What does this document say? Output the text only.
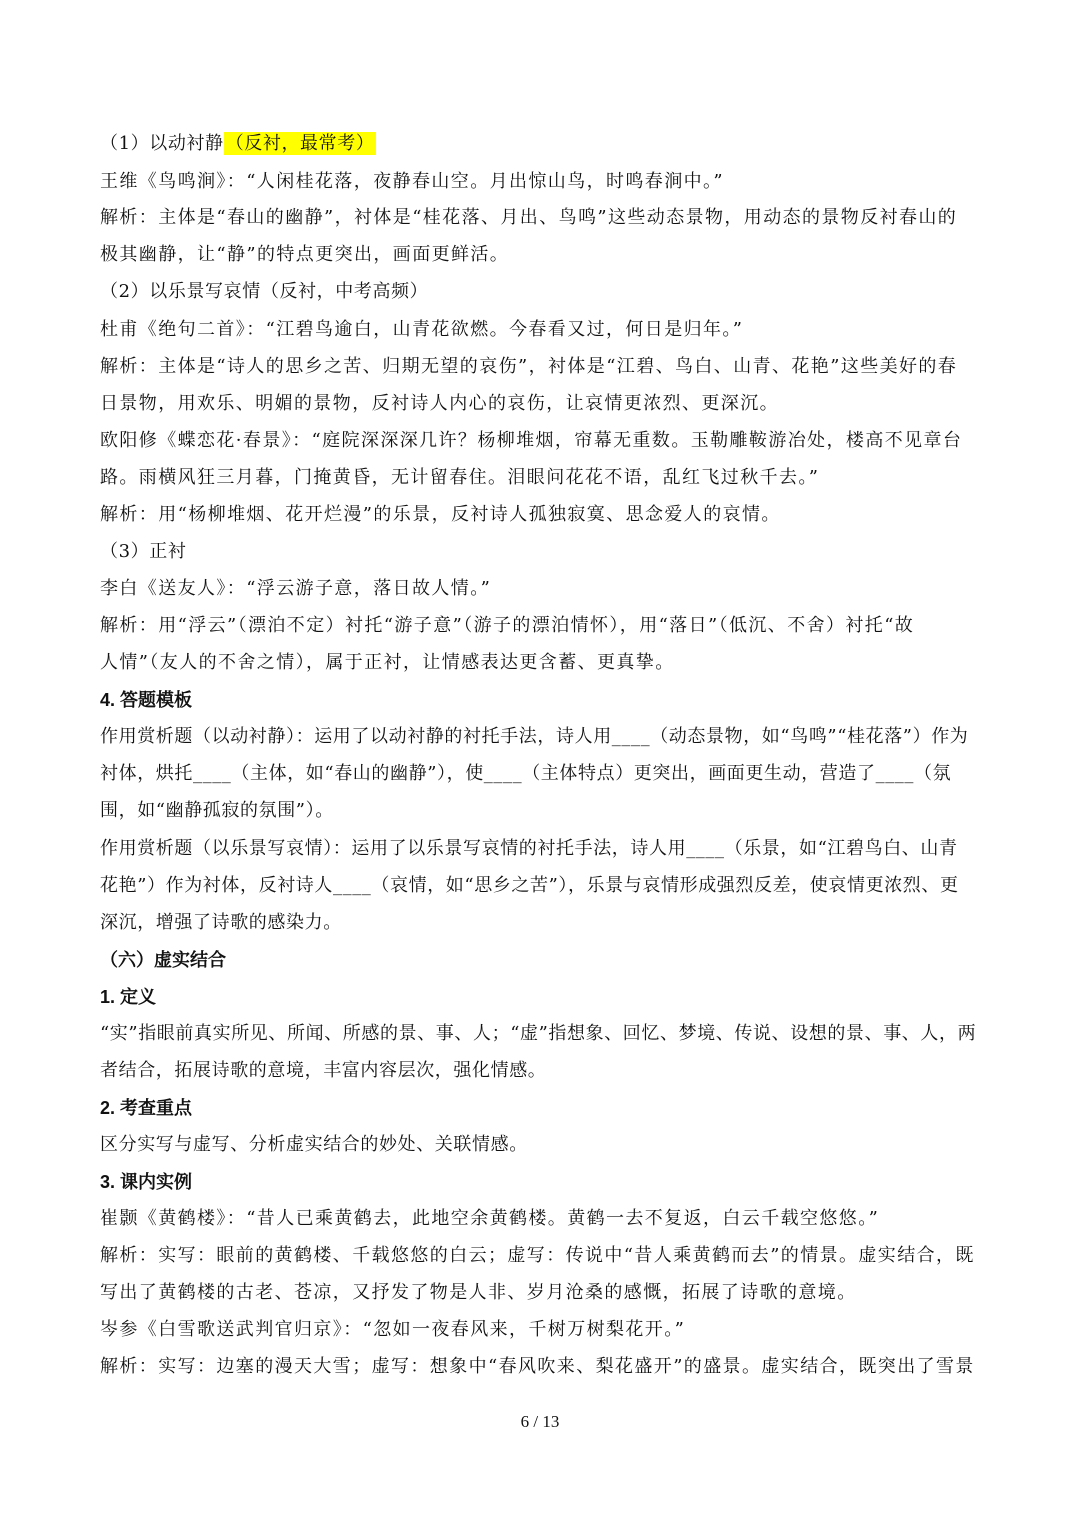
（1）以动衬静 （反衬，最常考）
王维《鸟鸣涧》：“人闲桂花落，夜静春山空。月出惊山鸟，时鸣春涧中。”
解析：主体是“春山的幽静”，衬体是“桂花落、月出、鸟鸣”这些动态景物，用动态的景物反衬春山的
极其幽静，让“静”的特点更突出，画面更鲜活。
（2）以乐景写哀情（反衬，中考高频）
杜甫《绝句二首》：“江碧鸟逾白，山青花欲燃。今春看又过，何日是归年。”
解析：主体是“诗人的思乡之苦、归期无望的哀伤”，衬体是“江碧、鸟白、山青、花艳”这些美好的春
日景物，用欢乐、明媚的景物，反衬诗人内心的哀伤，让哀情更浓烈、更深沉。
欧阳修《蝶恋花·春景》：“庭院深深深几许？杨柳堆烟，帘幕无重数。玉勒雕鞍游冶处，楼高不见章台
路。雨横风狂三月暮，门掩黄昏，无计留春住。泪眼问花花不语，乱红飞过秋千去。”
解析：用“杨柳堆烟、花开烂漫”的乐景，反衬诗人孤独寂寞、思念爱人的哀情。
（3）正衬
李白《送友人》：“浮云游子意，落日故人情。”
解析：用“浮云”（漂泊不定）衬托“游子意”（游子的漂泊情怀），用“落日”（低沉、不舍）衬托“故
人情”（友人的不舍之情），属于正衬，让情感表达更含蓄、更真挚。
4. 答题模板
作用赏析题（以动衬静）：运用了以动衬静的衬托手法，诗人用____（动态景物，如“鸟鸣”“桂花落”）作为
衬体，烘托____（主体，如“春山的幽静”），使____（主体特点）更突出，画面更生动，营造了____（氛
围，如“幽静孤寂的氛围”）。
作用赏析题（以乐景写哀情）：运用了以乐景写哀情的衬托手法，诗人用____（乐景，如“江碧鸟白、山青
花艳”）作为衬体，反衬诗人____（哀情，如“思乡之苦”），乐景与哀情形成强烈反差，使哀情更浓烈、更
深沉，增强了诗歌的感染力。
（六）虚实结合
1. 定义
“实”指眼前真实所见、所闻、所感的景、事、人；“虚”指想象、回忆、梦境、传说、设想的景、事、人，两
者结合，拓展诗歌的意境，丰富内容层次，强化情感。
2. 考查重点
区分实写与虚写、分析虚实结合的妙处、关联情感。
3. 课内实例
崔颢《黄鹤楼》：“昔人已乘黄鹤去，此地空余黄鹤楼。黄鹤一去不复返，白云千载空悠悠。”
解析：实写：眼前的黄鹤楼、千载悠悠的白云；虚写：传说中“昔人乘黄鹤而去”的情景。虚实结合，既
写出了黄鹤楼的古老、苍凉，又抒发了物是人非、岁月沧桑的感慨，拓展了诗歌的意境。
岑参《白雪歌送武判官归京》：“忽如一夜春风来，千树万树梨花开。”
解析：实写：边塞的漫天大雪；虚写：想象中“春风吹来、梨花盛开”的盛景。虚实结合，既突出了雪景
6 / 13
